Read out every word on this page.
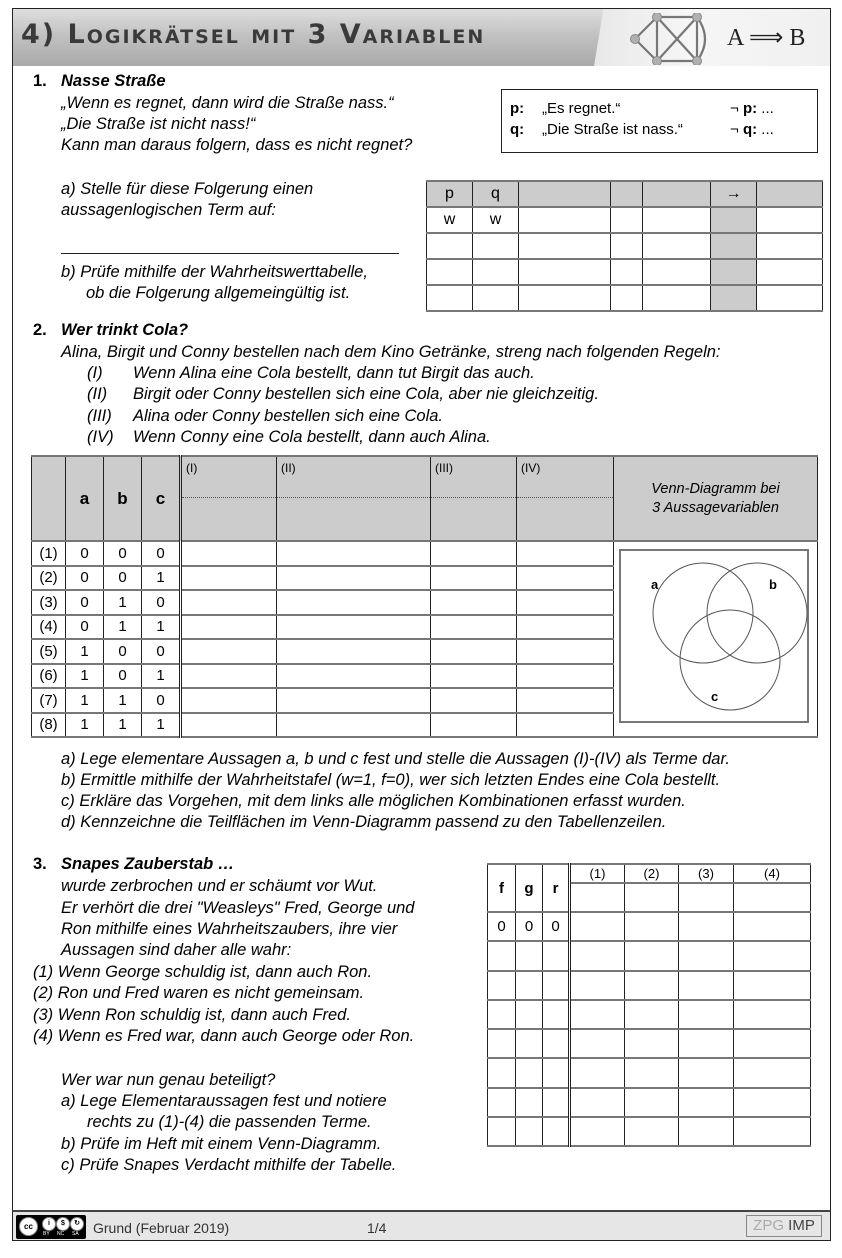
4) Logikrätsel mit 3 Variablen	A ⟹ B
1. Nasse Straße
„Wenn es regnet, dann wird die Straße nass.“
„Die Straße ist nicht nass!“
Kann man daraus folgern, dass es nicht regnet?
a) Stelle für diese Folgerung einen
aussagenlogischen Term auf:
b) Prüfe mithilfe der Wahrheitswerttabelle,
ob die Folgerung allgemeingültig ist.
p: „Es regnet.“	¬ p: ...
q: „Die Straße ist nass.“	¬ q: ...
p	q				→	
w	w					

2. Wer trinkt Cola?
Alina, Birgit und Conny bestellen nach dem Kino Getränke, streng nach folgenden Regeln:
(I) Wenn Alina eine Cola bestellt, dann tut Birgit das auch.
(II) Birgit oder Conny bestellen sich eine Cola, aber nie gleichzeitig.
(III) Alina oder Conny bestellen sich eine Cola.
(IV) Wenn Conny eine Cola bestellt, dann auch Alina.
	a	b	c	(I)	(II)	(III)	(IV)	Venn-Diagramm bei
3 Aussagevariablen

(1)	0	0	0					
(2)	0	0	1					
(3)	0	1	0					
(4)	0	1	1					
(5)	1	0	0					
(6)	1	0	1					
(7)	1	1	0					
(8)	1	1	1					
a	b
c
a) Lege elementare Aussagen a, b und c fest und stelle die Aussagen (I)-(IV) als Terme dar.
b) Ermittle mithilfe der Wahrheitstafel (w=1, f=0), wer sich letzten Endes eine Cola bestellt.
c) Erkläre das Vorgehen, mit dem links alle möglichen Kombinationen erfasst wurden.
d) Kennzeichne die Teilflächen im Venn-Diagramm passend zu den Tabellenzeilen.
3. Snapes Zauberstab …
wurde zerbrochen und er schäumt vor Wut.
Er verhört die drei "Weasleys" Fred, George und
Ron mithilfe eines Wahrheitszaubers, ihre vier
Aussagen sind daher alle wahr:
(1) Wenn George schuldig ist, dann auch Ron.
(2) Ron und Fred waren es nicht gemeinsam.
(3) Wenn Ron schuldig ist, dann auch Fred.
(4) Wenn es Fred war, dann auch George oder Ron.
Wer war nun genau beteiligt?
a) Lege Elementaraussagen fest und notiere
rechts zu (1)-(4) die passenden Terme.
b) Prüfe im Heft mit einem Venn-Diagramm.
c) Prüfe Snapes Verdacht mithilfe der Tabelle.
f	g	r	(1)	(2)	(3)	(4)

0	0	0				

cc	i	$	↻
BY NC SA Grund (Februar 2019)	1/4	ZPG IMP
